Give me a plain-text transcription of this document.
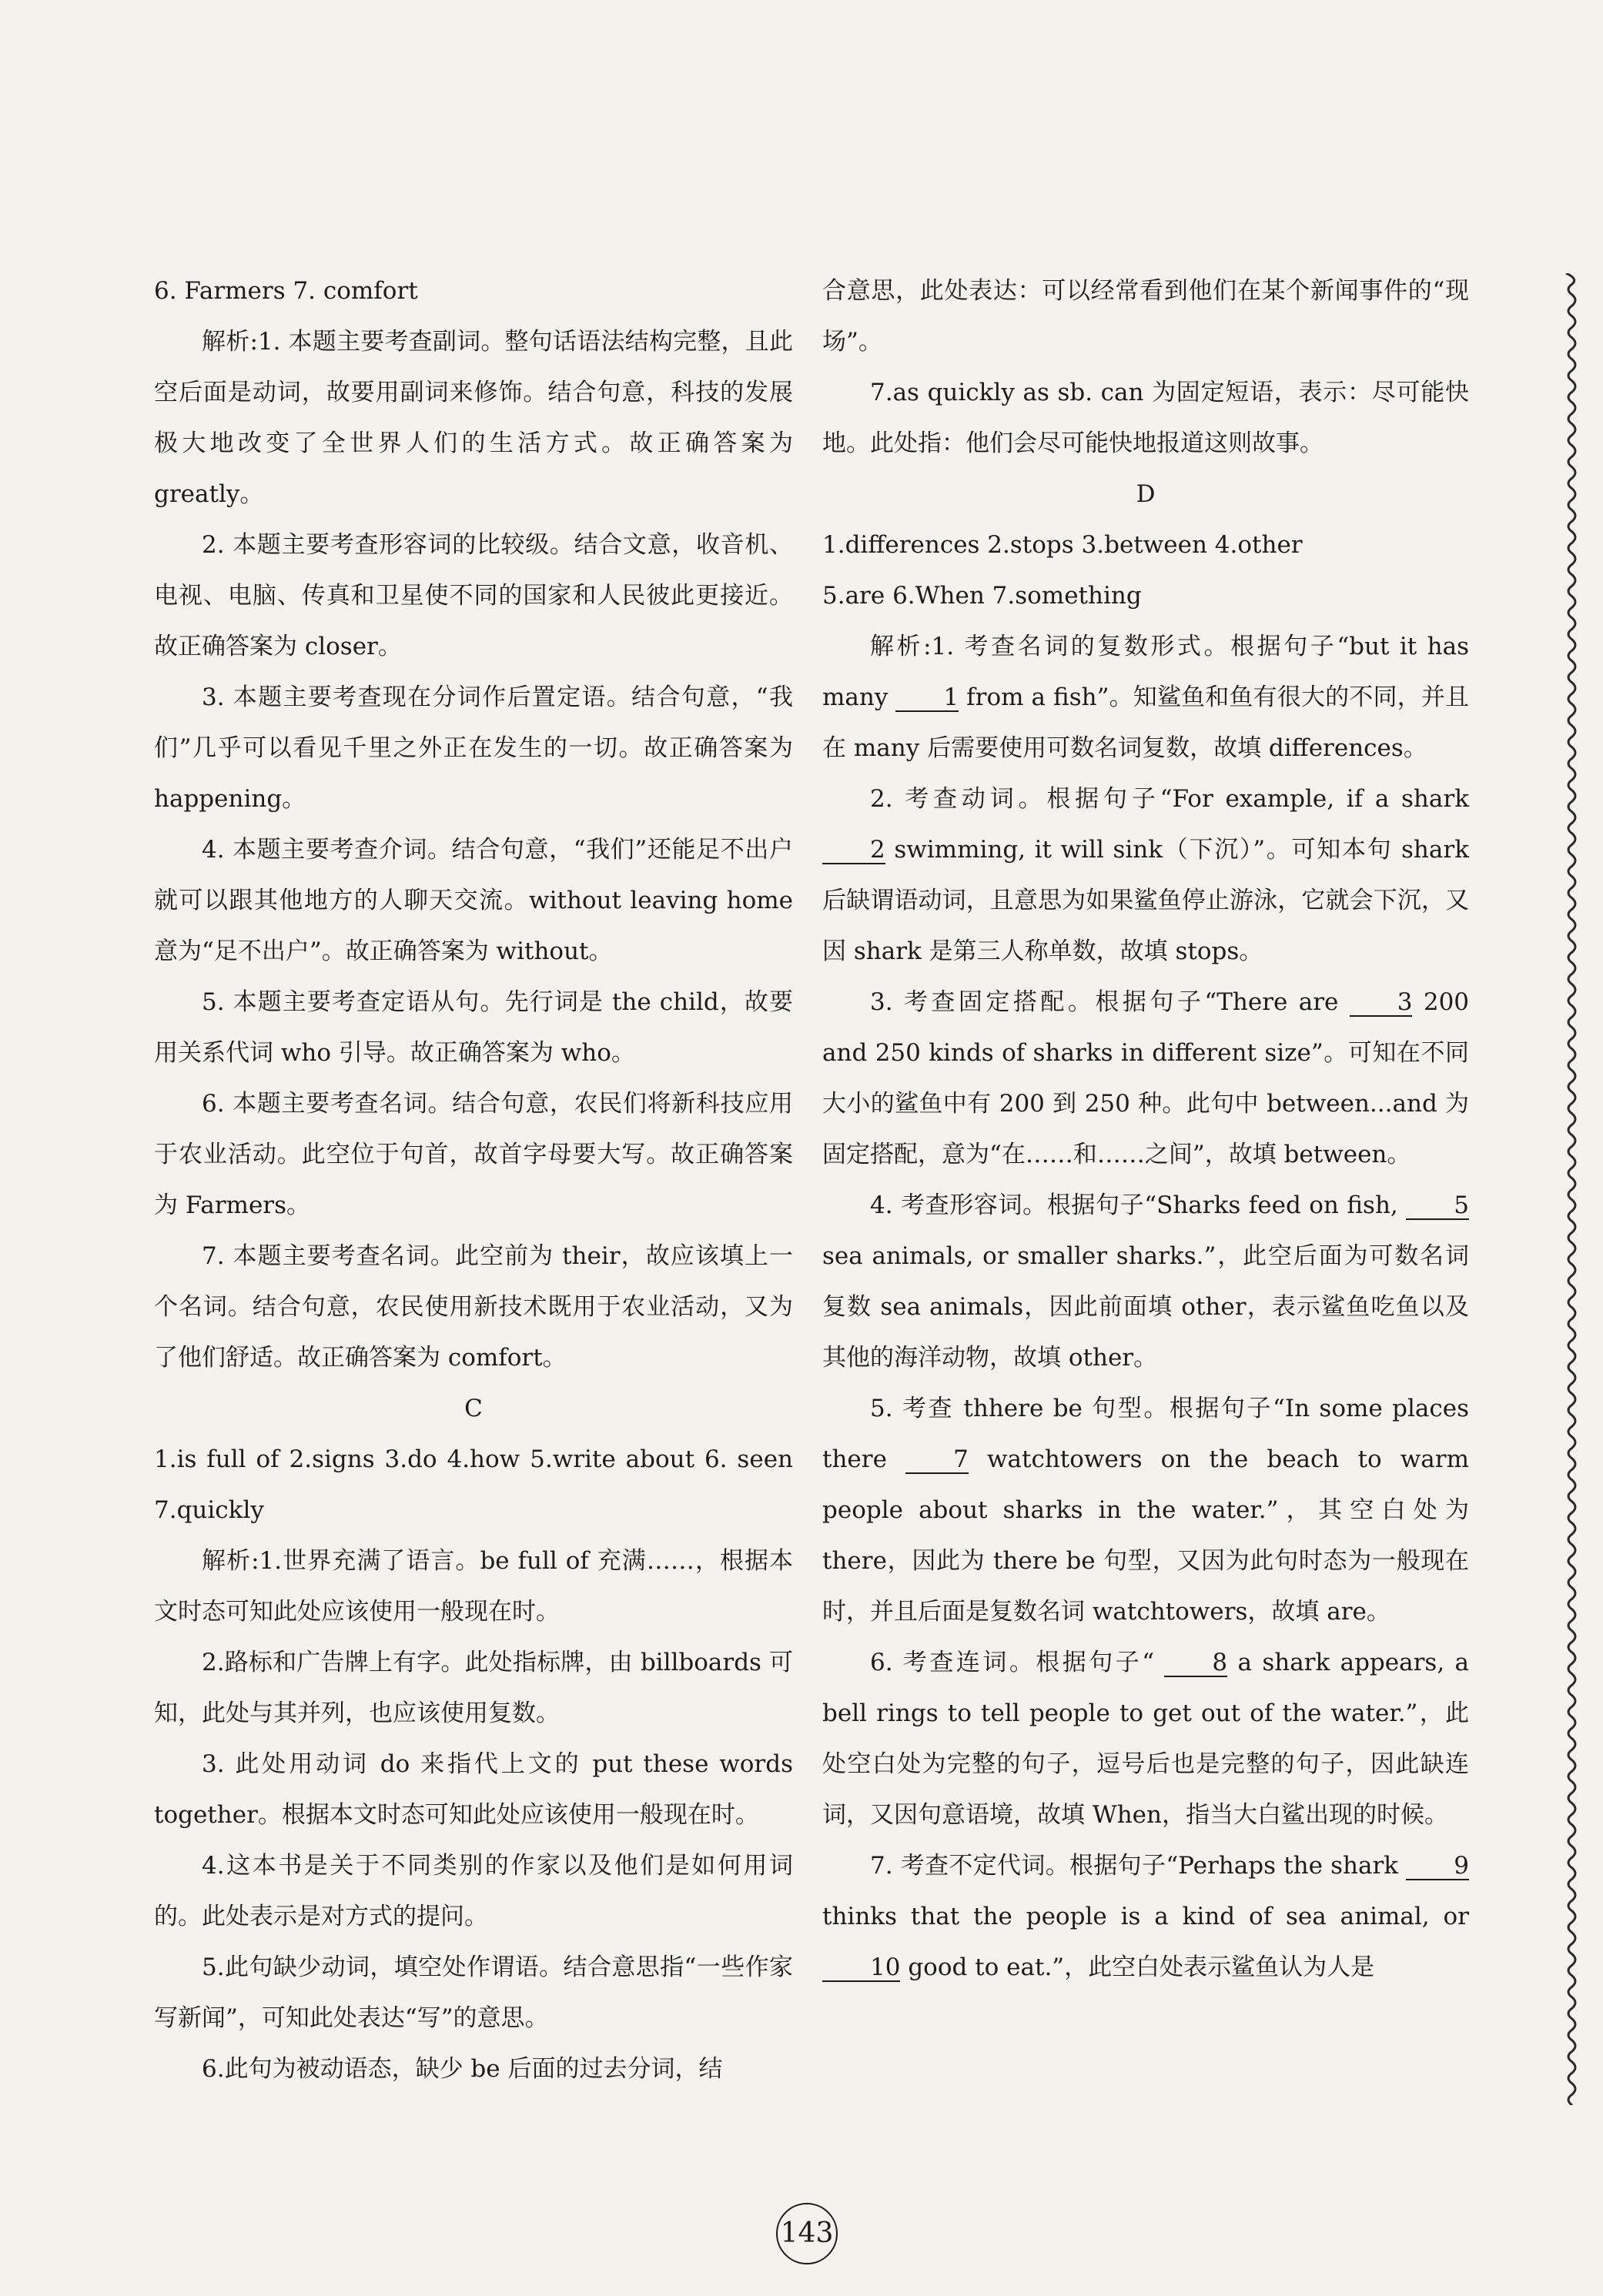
6. Farmers 7. comfort

解析:1. 本题主要考查副词。整句话语法结构完整，且此空后面是动词，故要用副词来修饰。结合句意，科技的发展极大地改变了全世界人们的生活方式。故正确答案为 greatly。

2. 本题主要考查形容词的比较级。结合文意，收音机、电视、电脑、传真和卫星使不同的国家和人民彼此更接近。故正确答案为 closer。

3. 本题主要考查现在分词作后置定语。结合句意，“我们”几乎可以看见千里之外正在发生的一切。故正确答案为 happening。

4. 本题主要考查介词。结合句意，“我们”还能足不出户就可以跟其他地方的人聊天交流。without leaving home 意为“足不出户”。故正确答案为 without。

5. 本题主要考查定语从句。先行词是 the child，故要用关系代词 who 引导。故正确答案为 who。

6. 本题主要考查名词。结合句意，农民们将新科技应用于农业活动。此空位于句首，故首字母要大写。故正确答案为 Farmers。

7. 本题主要考查名词。此空前为 their，故应该填上一个名词。结合句意，农民使用新技术既用于农业活动，又为了他们舒适。故正确答案为 comfort。

C

1.is full of 2.signs 3.do 4.how 5.write about 6. seen 7.quickly

解析:1.世界充满了语言。be full of 充满……，根据本文时态可知此处应该使用一般现在时。

2.路标和广告牌上有字。此处指标牌，由 billboards 可知，此处与其并列，也应该使用复数。

3. 此处用动词 do 来指代上文的 put these words together。根据本文时态可知此处应该使用一般现在时。

4.这本书是关于不同类别的作家以及他们是如何用词的。此处表示是对方式的提问。

5.此句缺少动词，填空处作谓语。结合意思指“一些作家写新闻”，可知此处表达“写”的意思。

6.此句为被动语态，缺少 be 后面的过去分词，结

合意思，此处表达：可以经常看到他们在某个新闻事件的“现场”。

7.as quickly as sb. can 为固定短语，表示：尽可能快地。此处指：他们会尽可能快地报道这则故事。

D

1.differences 2.stops 3.between 4.other

5.are 6.When 7.something

解析:1. 考查名词的复数形式。根据句子“but it has many 1 from a fish”。知鲨鱼和鱼有很大的不同，并且在 many 后需要使用可数名词复数，故填 differences。

2. 考查动词。根据句子“For example, if a shark 2 swimming, it will sink（下沉）”。可知本句 shark 后缺谓语动词，且意思为如果鲨鱼停止游泳，它就会下沉，又因 shark 是第三人称单数，故填 stops。

3. 考查固定搭配。根据句子“There are 3 200 and 250 kinds of sharks in different size”。可知在不同大小的鲨鱼中有 200 到 250 种。此句中 between...and 为固定搭配，意为“在……和……之间”，故填 between。

4. 考查形容词。根据句子“Sharks feed on fish, 5 sea animals, or smaller sharks.”，此空后面为可数名词复数 sea animals，因此前面填 other，表示鲨鱼吃鱼以及其他的海洋动物，故填 other。

5. 考查 thhere be 句型。根据句子“In some places there	7 watchtowers on the beach to warm people about sharks in the water.”，其空白处为 there，因此为 there be 句型，又因为此句时态为一般现在时，并且后面是复数名词 watchtowers，故填 are。

6. 考查连词。根据句子“ 8 a shark appears, a bell rings to tell people to get out of the water.”，此处空白处为完整的句子，逗号后也是完整的句子，因此缺连词，又因句意语境，故填 When，指当大白鲨出现的时候。

7. 考查不定代词。根据句子“Perhaps the shark 9 thinks that the people is a kind of sea animal, or 10 good to eat.”，此空白处表示鲨鱼认为人是

143
